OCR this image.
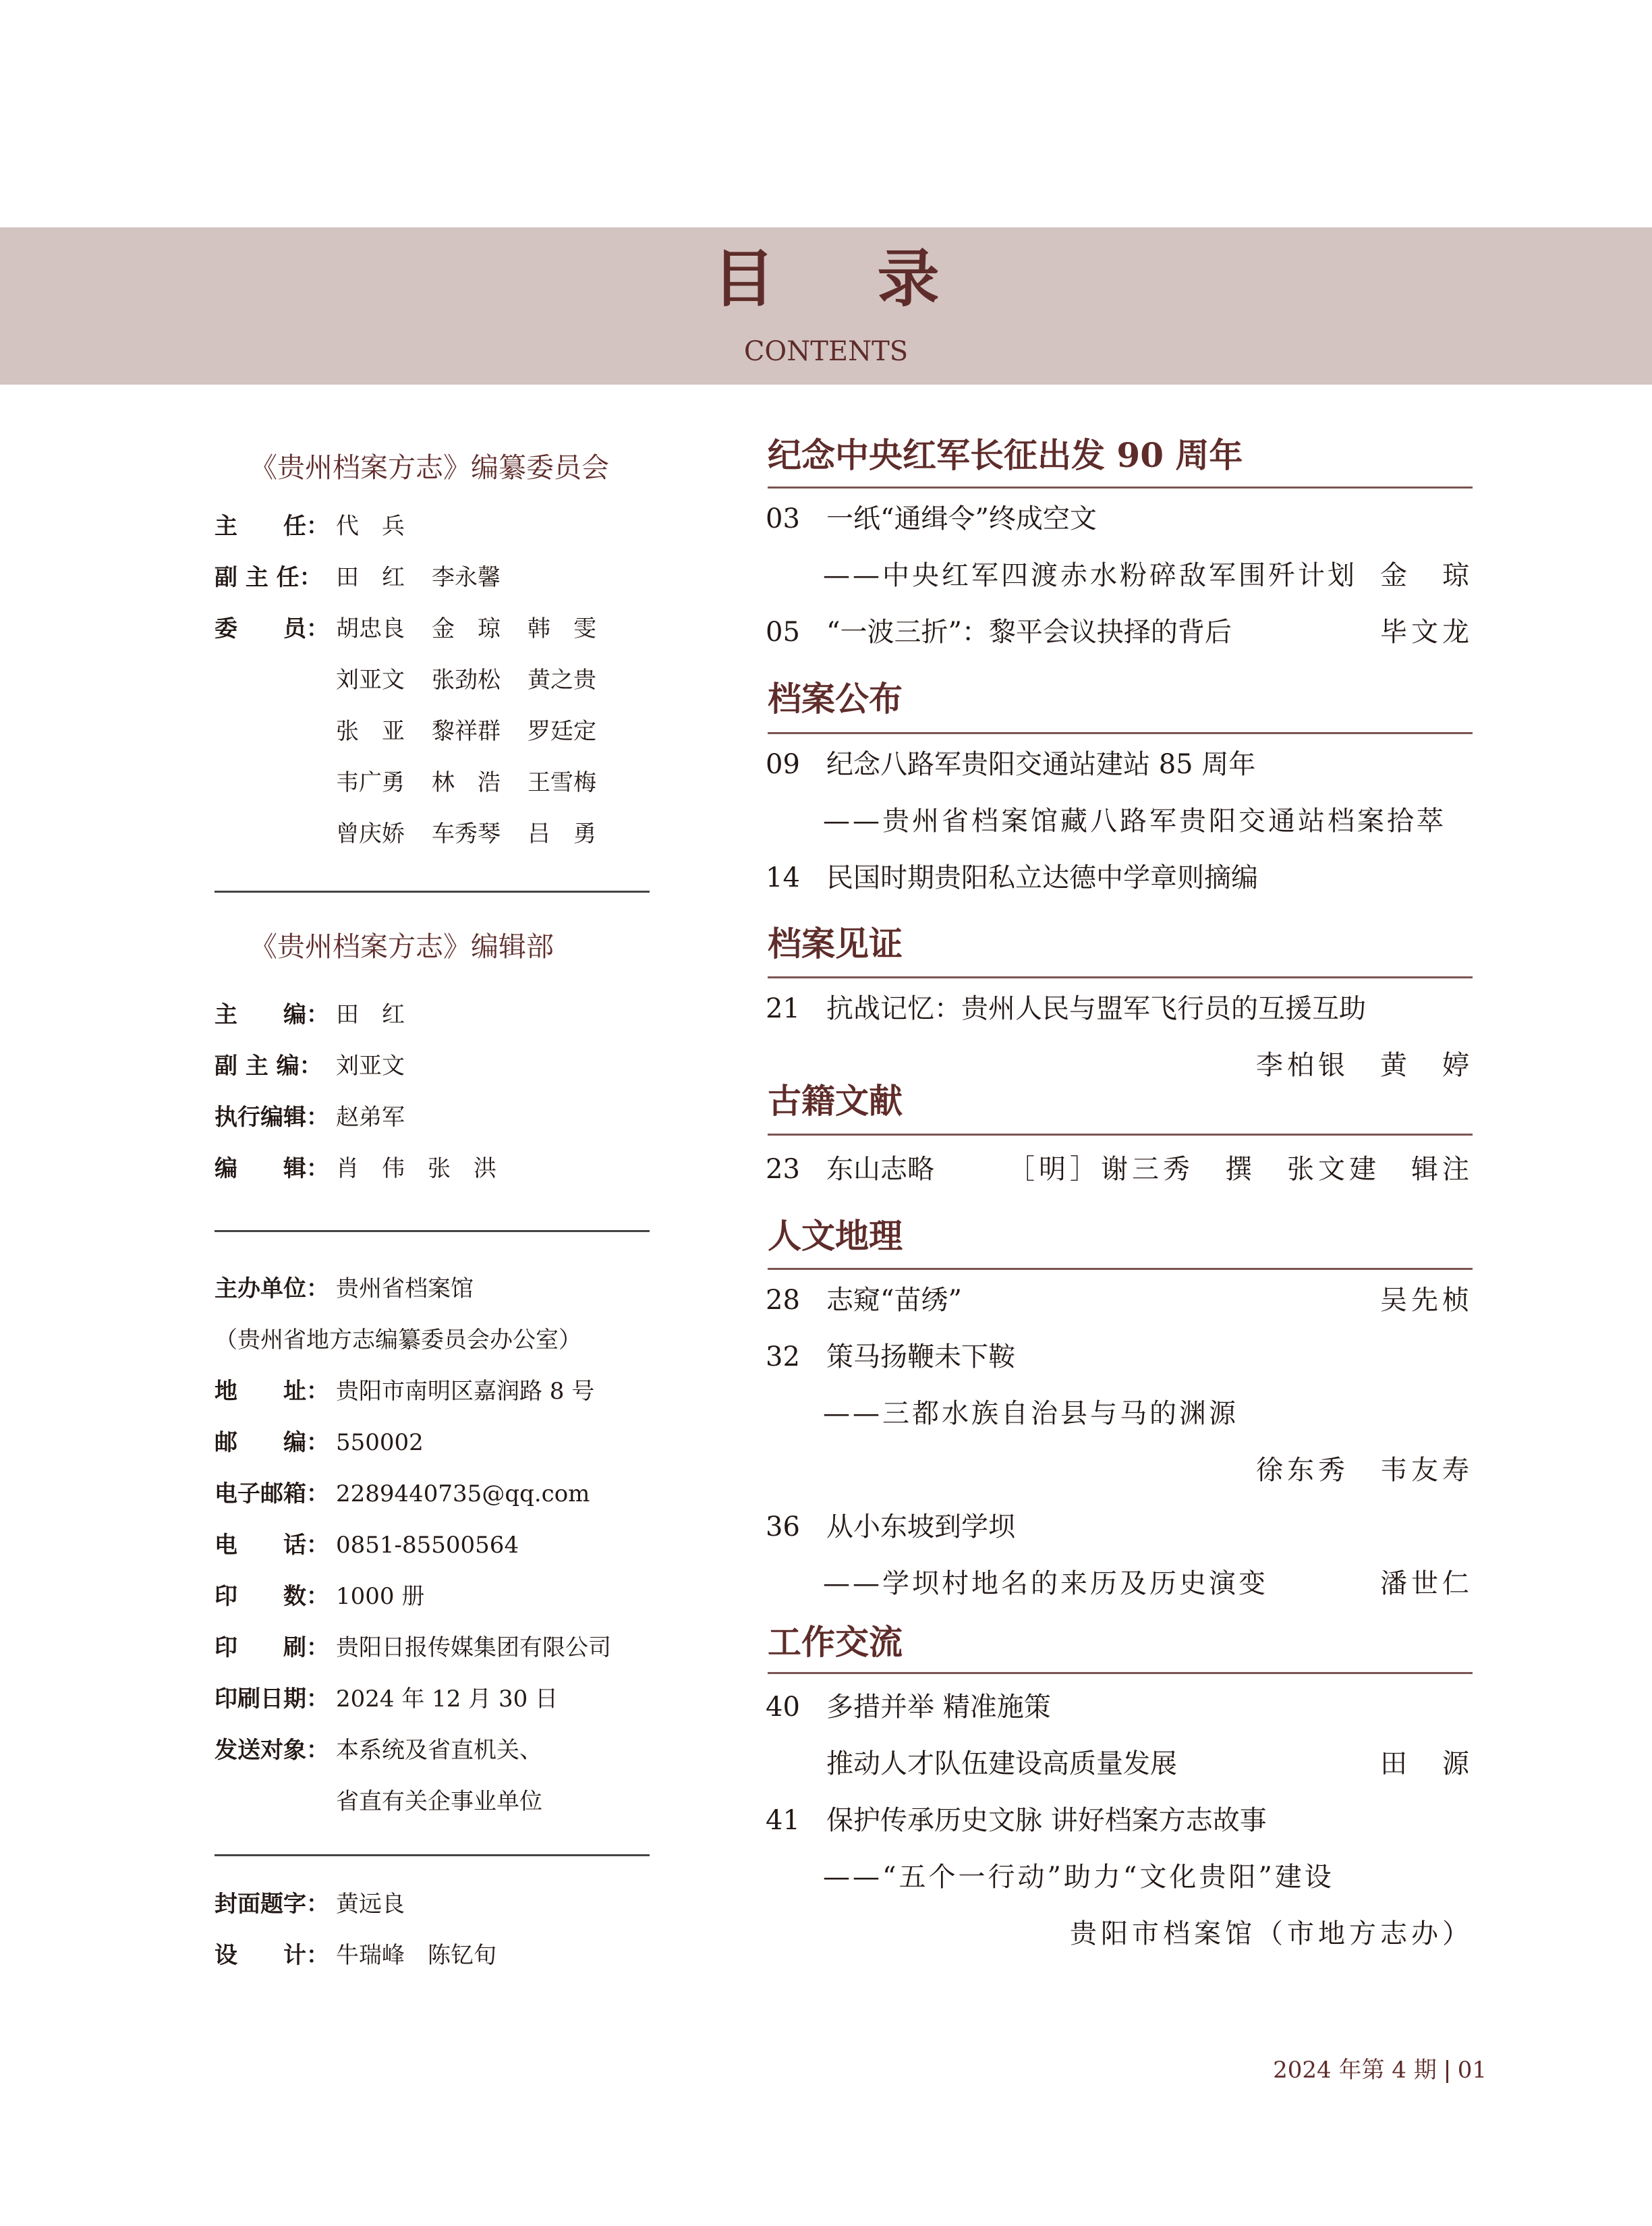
目 录
CONTENTS
《贵州档案方志》编纂委员会
主　　任： 代　兵
副 主 任： 田　红 李永馨
委　　员： 胡忠良 金　琼 韩　雯
刘亚文 张劲松 黄之贵
张　亚 黎祥群 罗廷定
韦广勇 林　浩 王雪梅
曾庆娇 车秀琴 吕　勇
《贵州档案方志》编辑部
主　　编： 田　红
副 主 编： 刘亚文
执行编辑： 赵弟军
编　　辑： 肖　伟　张　洪
主办单位： 贵州省档案馆
（贵州省地方志编纂委员会办公室）
地　　址： 贵阳市南明区嘉润路 8 号
邮　　编： 550002
电子邮箱： 2289440735@qq.com
电　　话： 0851-85500564
印　　数： 1000 册
印　　刷： 贵阳日报传媒集团有限公司
印刷日期： 2024 年 12 月 30 日
发送对象： 本系统及省直机关、
省直有关企事业单位
封面题字： 黄远良
设　　计： 牛瑞峰　陈钇旬
纪念中央红军长征出发 90 周年
03 一纸“通缉令”终成空文
——中央红军四渡赤水粉碎敌军围歼计划 金　琼
05 “一波三折”：黎平会议抉择的背后	毕文龙
档案公布
09 纪念八路军贵阳交通站建站 85 周年
——贵州省档案馆藏八路军贵阳交通站档案拾萃
14 民国时期贵阳私立达德中学章则摘编
档案见证
21 抗战记忆：贵州人民与盟军飞行员的互援互助
李柏银　黄　婷
古籍文献
23 东山志略	［明］谢三秀　撰　张文建　辑注
人文地理
28 志窥“苗绣”	吴先桢
32 策马扬鞭未下鞍
——三都水族自治县与马的渊源
徐东秀　韦友寿
36 从小东坡到学坝
——学坝村地名的来历及历史演变	潘世仁
工作交流
40 多措并举 精准施策
推动人才队伍建设高质量发展	田　源
41 保护传承历史文脉 讲好档案方志故事
——“五个一行动”助力“文化贵阳”建设
贵阳市档案馆（市地方志办）
2024 年第 4 期 01
